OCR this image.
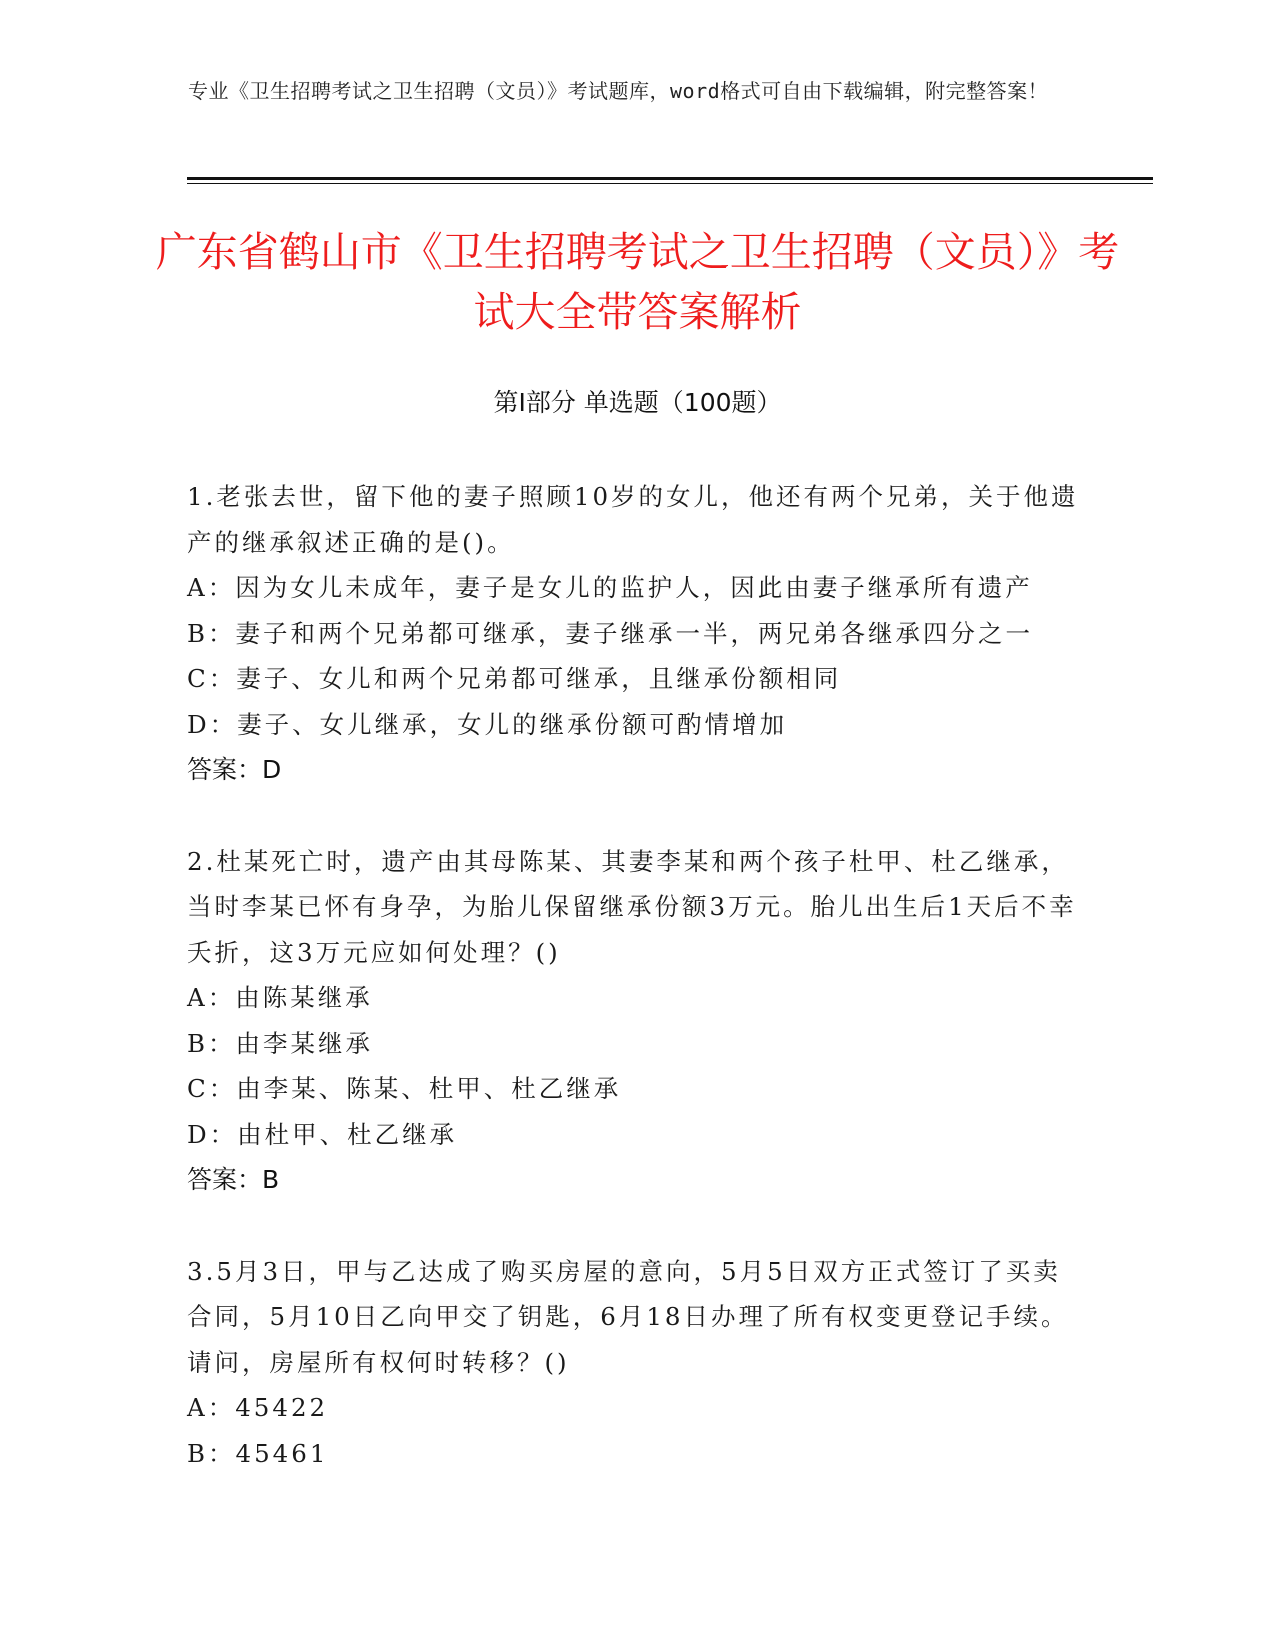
专业《卫生招聘考试之卫生招聘（文员）》考试题库，word格式可自由下载编辑，附完整答案！
广东省鹤山市《卫生招聘考试之卫生招聘（文员）》考试大全带答案解析
第Ⅰ部分 单选题（100题）
1.老张去世，留下他的妻子照顾10岁的女儿，他还有两个兄弟，关于他遗产的继承叙述正确的是()。
A：因为女儿未成年，妻子是女儿的监护人，因此由妻子继承所有遗产
B：妻子和两个兄弟都可继承，妻子继承一半，两兄弟各继承四分之一
C：妻子、女儿和两个兄弟都可继承，且继承份额相同
D：妻子、女儿继承，女儿的继承份额可酌情增加
答案：D
2.杜某死亡时，遗产由其母陈某、其妻李某和两个孩子杜甲、杜乙继承，当时李某已怀有身孕，为胎儿保留继承份额3万元。胎儿出生后1天后不幸夭折，这3万元应如何处理？()
A：由陈某继承
B：由李某继承
C：由李某、陈某、杜甲、杜乙继承
D：由杜甲、杜乙继承
答案：B
3.5月3日，甲与乙达成了购买房屋的意向，5月5日双方正式签订了买卖合同，5月10日乙向甲交了钥匙，6月18日办理了所有权变更登记手续。请问，房屋所有权何时转移？()
A：45422
B：45461
